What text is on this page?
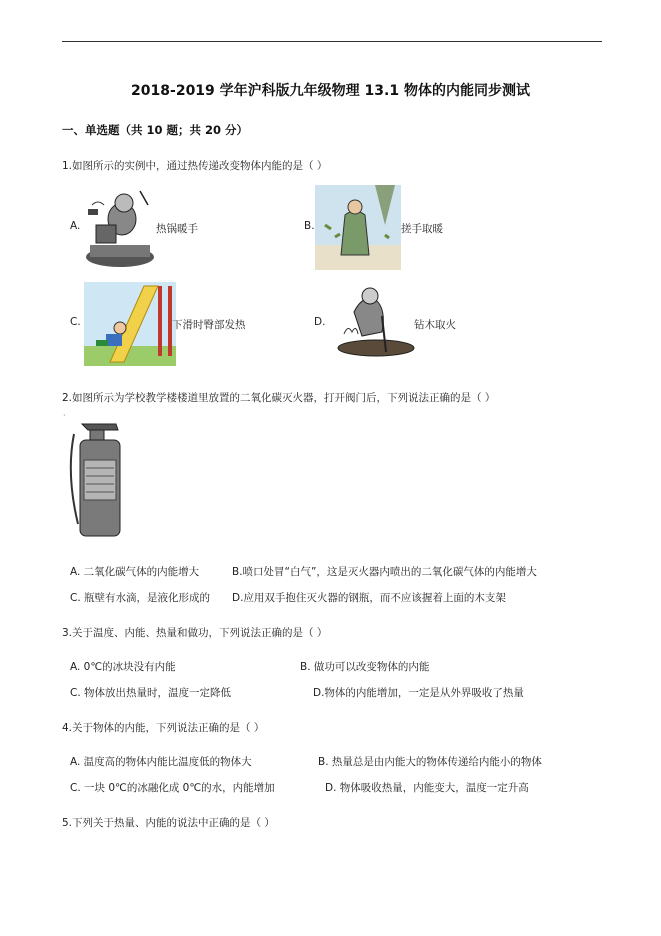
2018-2019 学年沪科版九年级物理 13.1 物体的内能同步测试
一、单选题（共 10 题；共 20 分）
1.如图所示的实例中，通过热传递改变物体内能的是（ ）
A.	热锅暖手	B.	搓手取暖
C.	下滑时臀部发热	D.	钻木取火
2.如图所示为学校教学楼楼道里放置的二氧化碳灭火器，打开阀门后，下列说法正确的是（ ）
·
A. 二氧化碳气体的内能增大	B.喷口处冒“白气”，这是灭火器内喷出的二氧化碳气体的内能增大
C. 瓶壁有水滴，是液化形成的 D.应用双手抱住灭火器的钢瓶，而不应该握着上面的木支架
3.关于温度、内能、热量和做功，下列说法正确的是（ ）
A. 0℃的冰块没有内能	B. 做功可以改变物体的内能
C. 物体放出热量时，温度一定降低	D.物体的内能增加，一定是从外界吸收了热量
4.关于物体的内能，下列说法正确的是（ ）
A. 温度高的物体内能比温度低的物体大	B. 热量总是由内能大的物体传递给内能小的物体
C. 一块 0℃的冰融化成 0℃的水，内能增加	D. 物体吸收热量，内能变大，温度一定升高
5.下列关于热量、内能的说法中正确的是（ ）
